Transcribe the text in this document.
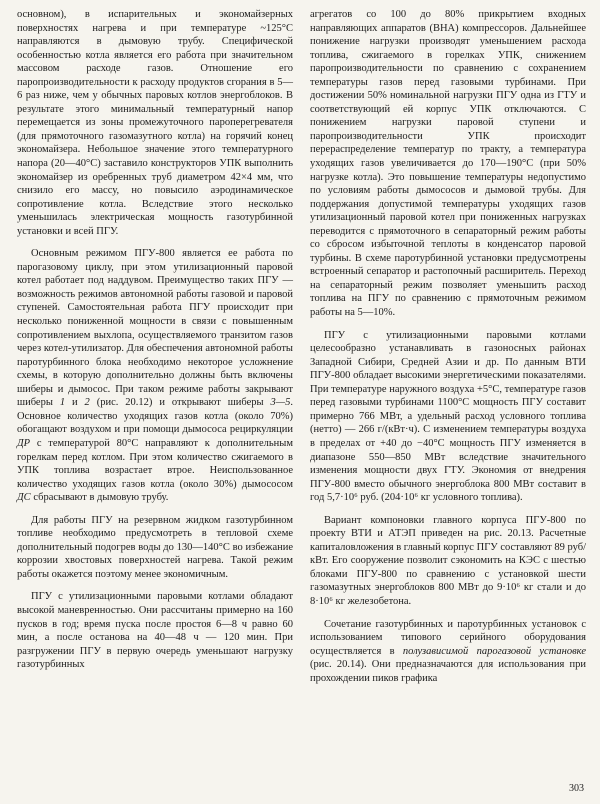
основном), в испарительных и экономайзерных поверхностях нагрева и при температуре ~125°C направляются в дымовую трубу. Специфической особенностью котла является его работа при значительном массовом расходе газов. Отношение его паропроизводительности к расходу продуктов сгорания в 5—6 раз ниже, чем у обычных паровых котлов энергоблоков. В результате этого минимальный температурный напор перемещается из зоны промежуточного пароперегревателя (для прямоточного газомазутного котла) на горячий конец экономайзера. Небольшое значение этого температурного напора (20—40°C) заставило конструкторов УПК выполнить экономайзер из оребренных труб диаметром 42×4 мм, что снизило его массу, но повысило аэродинамическое сопротивление котла. Вследствие этого несколько уменьшилась электрическая мощность газотурбинной установки и всей ПГУ.

Основным режимом ПГУ-800 является ее работа по парогазовому циклу, при этом утилизационный паровой котел работает под наддувом. Преимущество таких ПГУ — возможность режимов автономной работы газовой и паровой ступеней. Самостоятельная работа ПГУ происходит при несколько пониженной мощности в связи с повышенным сопротивлением выхлопа, осуществляемого транзитом газов через котел-утилизатор. Для обеспечения автономной работы паротурбинного блока необходимо некоторое усложнение схемы, в которую дополнительно должны быть включены шиберы и дымосос. При таком режиме работы закрывают шиберы 1 и 2 (рис. 20.12) и открывают шиберы 3—5. Основное количество уходящих газов котла (около 70%) обогащают воздухом и при помощи дымососа рециркуляции ДР с температурой 80°C направляют к дополнительным горелкам перед котлом. При этом количество сжигаемого в УПК топлива возрастает втрое. Неиспользованное количество уходящих газов котла (около 30%) дымососом ДС сбрасывают в дымовую трубу.

Для работы ПГУ на резервном жидком газотурбинном топливе необходимо предусмотреть в тепловой схеме дополнительный подогрев воды до 130—140°C во избежание коррозии хвостовых поверхностей нагрева. Такой режим работы окажется поэтому менее экономичным.

ПГУ с утилизационными паровыми котлами обладают высокой маневренностью. Они рассчитаны примерно на 160 пусков в год; время пуска после простоя 6—8 ч равно 60 мин, а после останова на 40—48 ч — 120 мин. При разгружении ПГУ в первую очередь уменьшают нагрузку газотурбинных

агрегатов со 100 до 80% прикрытием входных направляющих аппаратов (ВНА) компрессоров. Дальнейшее понижение нагрузки производят уменьшением расхода топлива, сжигаемого в горелках УПК, снижением паропроизводительности по сравнению с сохранением температуры газов перед газовыми турбинами. При достижении 50% номинальной нагрузки ПГУ одна из ГТУ и соответствующий ей корпус УПК отключаются. С понижением нагрузки паровой ступени и паропроизводительности УПК происходит перераспределение температур по тракту, а температура уходящих газов увеличивается до 170—190°C (при 50% нагрузке котла). Это повышение температуры недопустимо по условиям работы дымососов и дымовой трубы. Для поддержания допустимой температуры уходящих газов утилизационный паровой котел при пониженных нагрузках переводится с прямоточного в сепараторный режим работы со сбросом избыточной теплоты в конденсатор паровой турбины. В схеме паротурбинной установки предусмотрены встроенный сепаратор и растопочный расширитель. Переход на сепараторный режим позволяет уменьшить расход топлива на ПГУ по сравнению с прямоточным режимом работы на 5—10%.

ПГУ с утилизационными паровыми котлами целесообразно устанавливать в газоносных районах Западной Сибири, Средней Азии и др. По данным ВТИ ПГУ-800 обладает высокими энергетическими показателями. При температуре наружного воздуха +5°C, температуре газов перед газовыми турбинами 1100°C мощность ПГУ составит примерно 766 МВт, а удельный расход условного топлива (нетто) — 266 г/(кВт·ч). С изменением температуры воздуха в пределах от +40 до −40°C мощность ПГУ изменяется в диапазоне 550—850 МВт вследствие значительного изменения мощности двух ГТУ. Экономия от внедрения ПГУ-800 вместо обычного энергоблока 800 МВт составит в год 5,7·10⁶ руб. (204·10⁶ кг условного топлива).

Вариант компоновки главного корпуса ПГУ-800 по проекту ВТИ и АТЭП приведен на рис. 20.13. Расчетные капиталовложения в главный корпус ПГУ составляют 89 руб/кВт. Его сооружение позволит сэкономить на КЭС с шестью блоками ПГУ-800 по сравнению с установкой шести газомазутных энергоблоков 800 МВт до 9·10⁶ кг стали и до 8·10⁶ кг железобетона.

Сочетание газотурбинных и паротурбинных установок с использованием типового серийного оборудования осуществляется в полузависимой парогазовой установке (рис. 20.14). Они предназначаются для использования при прохождении пиков графика

303
